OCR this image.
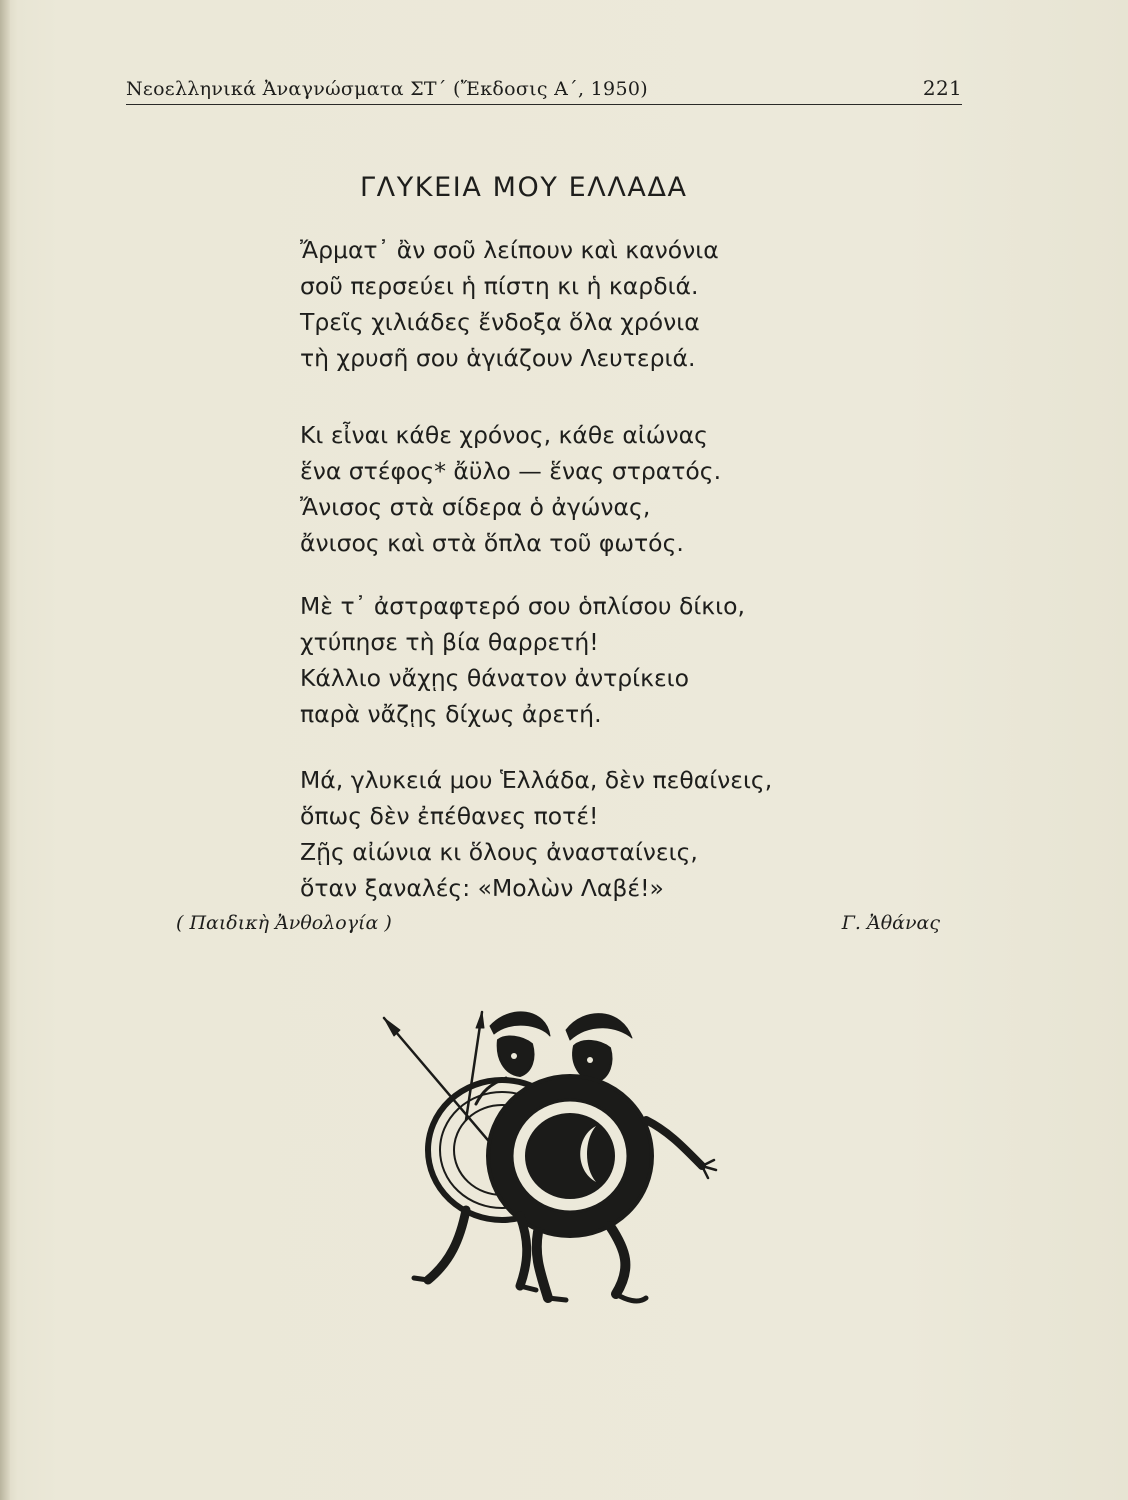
Νεοελληνικά Ἀναγνώσματα ΣΤ΄ (Ἔκδοσις Α΄, 1950)	221
ΓΛΥΚΕΙΑ ΜΟΥ ΕΛΛΑΔΑ
Ἄρματ᾽ ἂν σοῦ λείπουν καὶ κανόνια
σοῦ περσεύει ἡ πίστη κι ἡ καρδιά.
Τρεῖς χιλιάδες ἔνδοξα ὅλα χρόνια
τὴ χρυσῆ σου ἁγιάζουν Λευτεριά.
Κι εἶναι κάθε χρόνος, κάθε αἰώνας
ἕνα στέφος* ἄϋλο — ἕνας στρατός.
Ἄνισος στὰ σίδερα ὁ ἀγώνας,
ἄνισος καὶ στὰ ὅπλα τοῦ φωτός.
Μὲ τ᾽ ἀστραφτερό σου ὁπλίσου δίκιο,
χτύπησε τὴ βία θαρρετή!
Κάλλιο νἄχῃς θάνατον ἀντρίκειο
παρὰ νἄζῃς δίχως ἀρετή.
Μά, γλυκειά μου Ἑλλάδα, δὲν πεθαίνεις,
ὅπως δὲν ἐπέθανες ποτέ!
Ζῇς αἰώνια κι ὅλους ἀνασταίνεις,
ὅταν ξαναλές: «Μολὼν Λαβέ!»
( Παιδικὴ Ἀνθολογία )	Γ. Ἀθάνας
